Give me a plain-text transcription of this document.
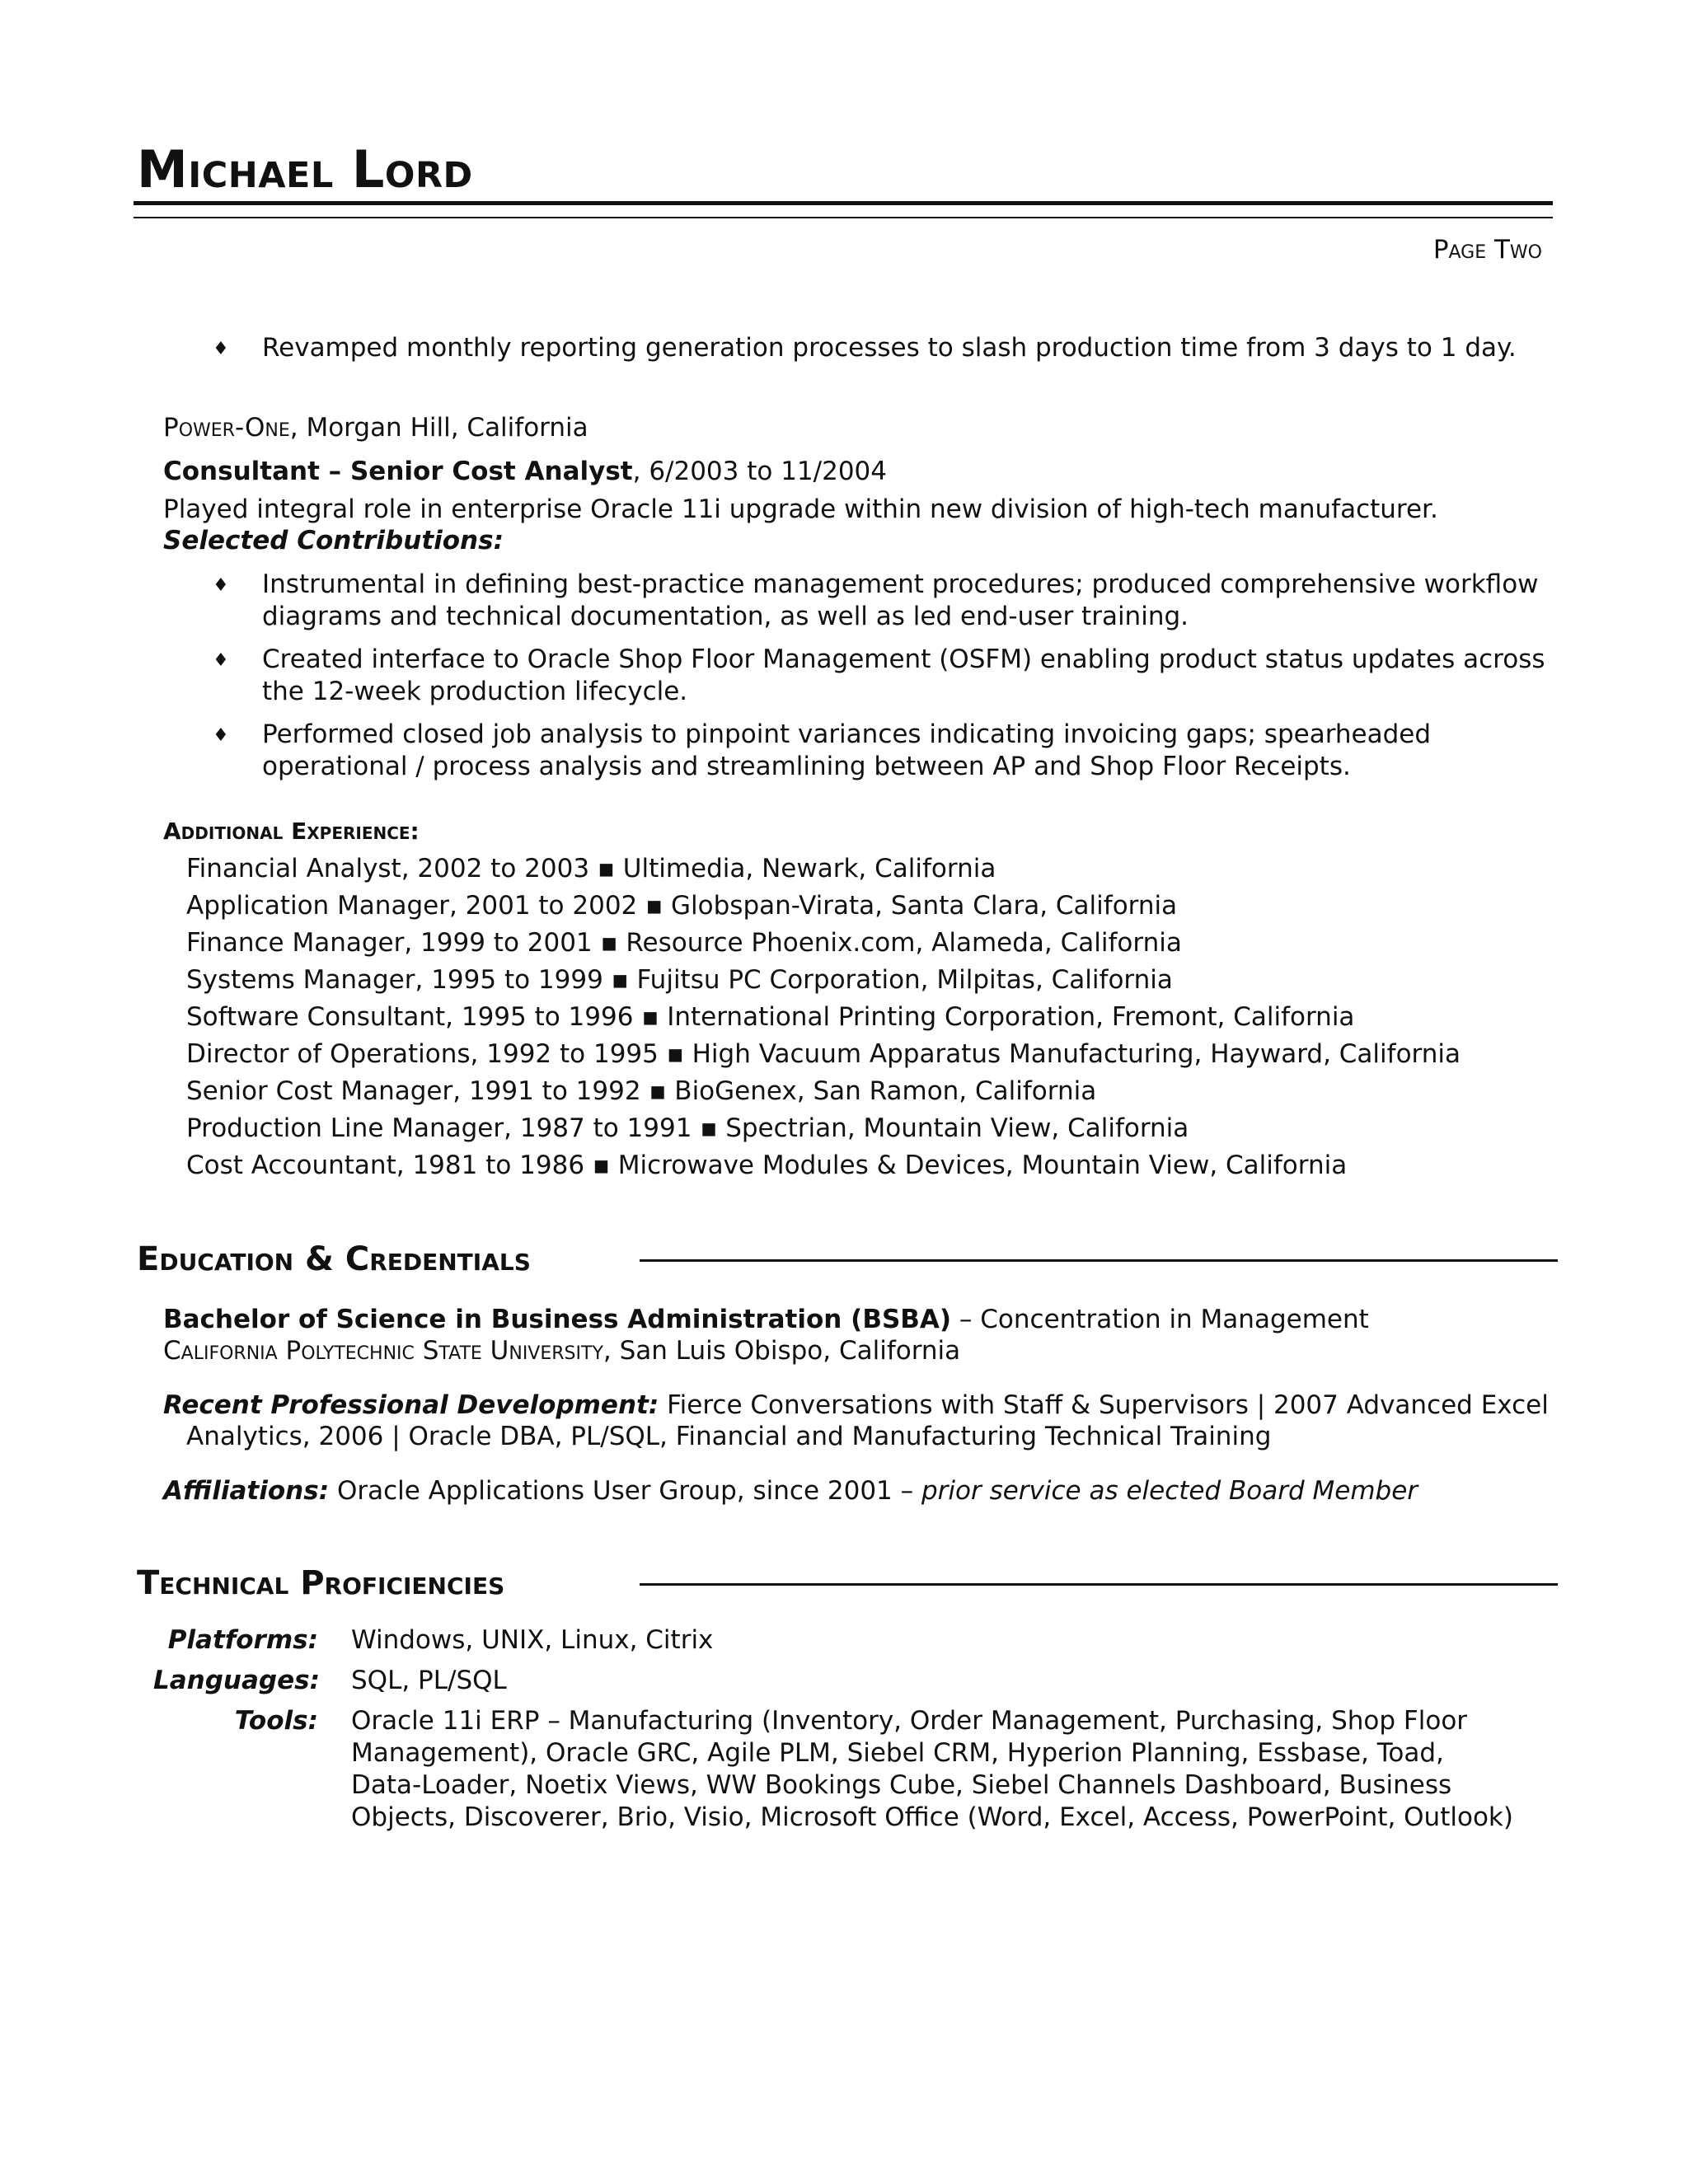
Michael Lord
Page Two
♦ Revamped monthly reporting generation processes to slash production time from 3 days to 1 day.
Power-One, Morgan Hill, California
Consultant – Senior Cost Analyst, 6/2003 to 11/2004
Played integral role in enterprise Oracle 11i upgrade within new division of high-tech manufacturer. Selected Contributions:
♦ Instrumental in defining best-practice management procedures; produced comprehensive workflow diagrams and technical documentation, as well as led end-user training.
♦ Created interface to Oracle Shop Floor Management (OSFM) enabling product status updates across the 12-week production lifecycle.
♦ Performed closed job analysis to pinpoint variances indicating invoicing gaps; spearheaded operational / process analysis and streamlining between AP and Shop Floor Receipts.
Additional Experience:
Financial Analyst, 2002 to 2003 ▪ Ultimedia, Newark, California
Application Manager, 2001 to 2002 ▪ Globspan-Virata, Santa Clara, California
Finance Manager, 1999 to 2001 ▪ Resource Phoenix.com, Alameda, California
Systems Manager, 1995 to 1999 ▪ Fujitsu PC Corporation, Milpitas, California
Software Consultant, 1995 to 1996 ▪ International Printing Corporation, Fremont, California
Director of Operations, 1992 to 1995 ▪ High Vacuum Apparatus Manufacturing, Hayward, California
Senior Cost Manager, 1991 to 1992 ▪ BioGenex, San Ramon, California
Production Line Manager, 1987 to 1991 ▪ Spectrian, Mountain View, California
Cost Accountant, 1981 to 1986 ▪ Microwave Modules & Devices, Mountain View, California
Education & Credentials
Bachelor of Science in Business Administration (BSBA) – Concentration in Management
California Polytechnic State University, San Luis Obispo, California
Recent Professional Development: Fierce Conversations with Staff & Supervisors | 2007 Advanced Excel
Analytics, 2006 | Oracle DBA, PL/SQL, Financial and Manufacturing Technical Training
Affiliations: Oracle Applications User Group, since 2001 – prior service as elected Board Member
Technical Proficiencies
Platforms: Windows, UNIX, Linux, Citrix
Languages: SQL, PL/SQL
Tools: Oracle 11i ERP – Manufacturing (Inventory, Order Management, Purchasing, Shop Floor Management), Oracle GRC, Agile PLM, Siebel CRM, Hyperion Planning, Essbase, Toad, Data-Loader, Noetix Views, WW Bookings Cube, Siebel Channels Dashboard, Business Objects, Discoverer, Brio, Visio, Microsoft Office (Word, Excel, Access, PowerPoint, Outlook)
